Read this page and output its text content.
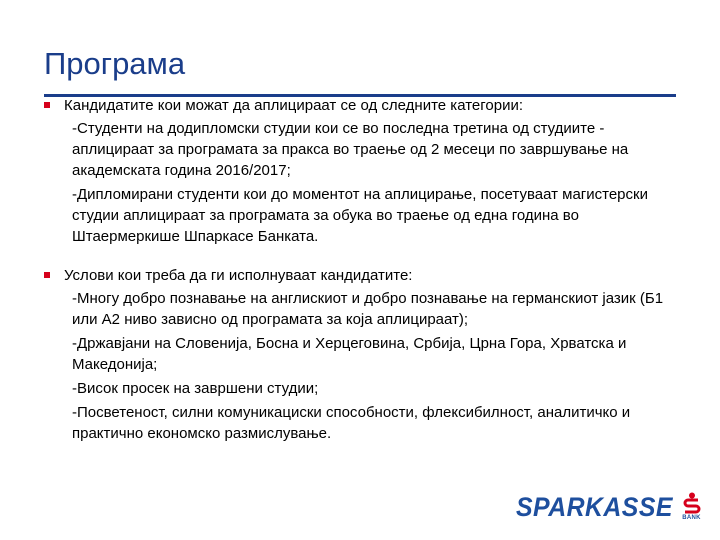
Програма
Кандидатите кои можат да аплицираат се од следните категории:
-Студенти на додипломски студии кои се во последна третина од студиите - аплицираат за програмата за пракса во траење од 2 месеци по завршување на академската година 2016/2017;
-Дипломирани студенти кои до моментот на аплицирање, посетуваат магистерски студии аплицираат за програмата за обука во траење од една година во Штаермеркише Шпаркасе Банката.
Услови кои треба да ги исполнуваат кандидатите:
-Многу добро познавање на англискиот и добро познавање на германскиот јазик (Б1 или А2 ниво зависно од програмата за која аплицираат);
-Државјани на Словенија, Босна и Херцеговина, Србија, Црна Гора, Хрватска и Македонија;
-Висок просек на завршени студии;
-Посветеност, силни комуникациски способности, флексибилност, аналитичко и практично економско размислување.
SPARKASSE BANK
